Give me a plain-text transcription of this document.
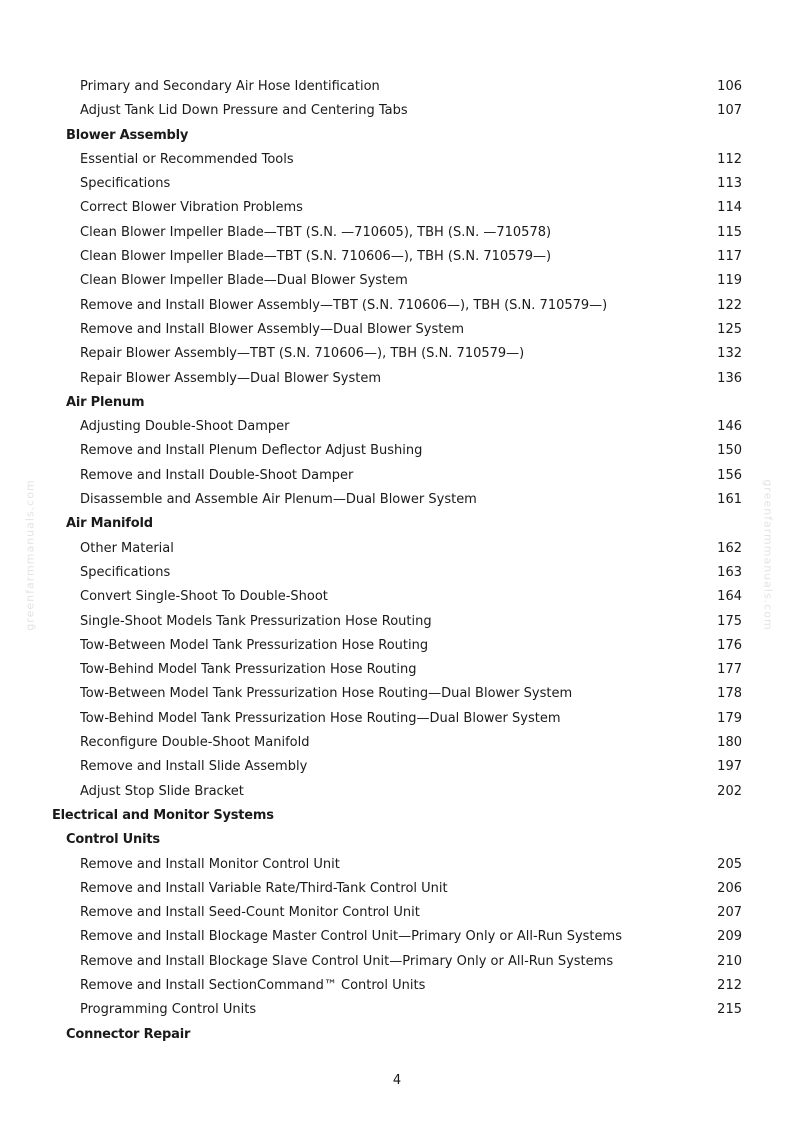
greenfarmmanuals.com	greenfarmmanuals.com
Primary and Secondary Air Hose Identification	106
Adjust Tank Lid Down Pressure and Centering Tabs	107
Blower Assembly
Essential or Recommended Tools	112
Specifications	113
Correct Blower Vibration Problems	114
Clean Blower Impeller Blade—TBT (S.N. —710605), TBH (S.N. —710578)	115
Clean Blower Impeller Blade—TBT (S.N. 710606—), TBH (S.N. 710579—)	117
Clean Blower Impeller Blade—Dual Blower System	119
Remove and Install Blower Assembly—TBT (S.N. 710606—), TBH (S.N. 710579—)	122
Remove and Install Blower Assembly—Dual Blower System	125
Repair Blower Assembly—TBT (S.N. 710606—), TBH (S.N. 710579—)	132
Repair Blower Assembly—Dual Blower System	136
Air Plenum
Adjusting Double-Shoot Damper	146
Remove and Install Plenum Deflector Adjust Bushing	150
Remove and Install Double-Shoot Damper	156
Disassemble and Assemble Air Plenum—Dual Blower System	161
Air Manifold
Other Material	162
Specifications	163
Convert Single-Shoot To Double-Shoot	164
Single-Shoot Models Tank Pressurization Hose Routing	175
Tow-Between Model Tank Pressurization Hose Routing	176
Tow-Behind Model Tank Pressurization Hose Routing	177
Tow-Between Model Tank Pressurization Hose Routing—Dual Blower System	178
Tow-Behind Model Tank Pressurization Hose Routing—Dual Blower System	179
Reconfigure Double-Shoot Manifold	180
Remove and Install Slide Assembly	197
Adjust Stop Slide Bracket	202
Electrical and Monitor Systems
Control Units
Remove and Install Monitor Control Unit	205
Remove and Install Variable Rate/Third-Tank Control Unit	206
Remove and Install Seed-Count Monitor Control Unit	207
Remove and Install Blockage Master Control Unit—Primary Only or All-Run Systems	209
Remove and Install Blockage Slave Control Unit—Primary Only or All-Run Systems	210
Remove and Install SectionCommand™ Control Units	212
Programming Control Units	215
Connector Repair
4
